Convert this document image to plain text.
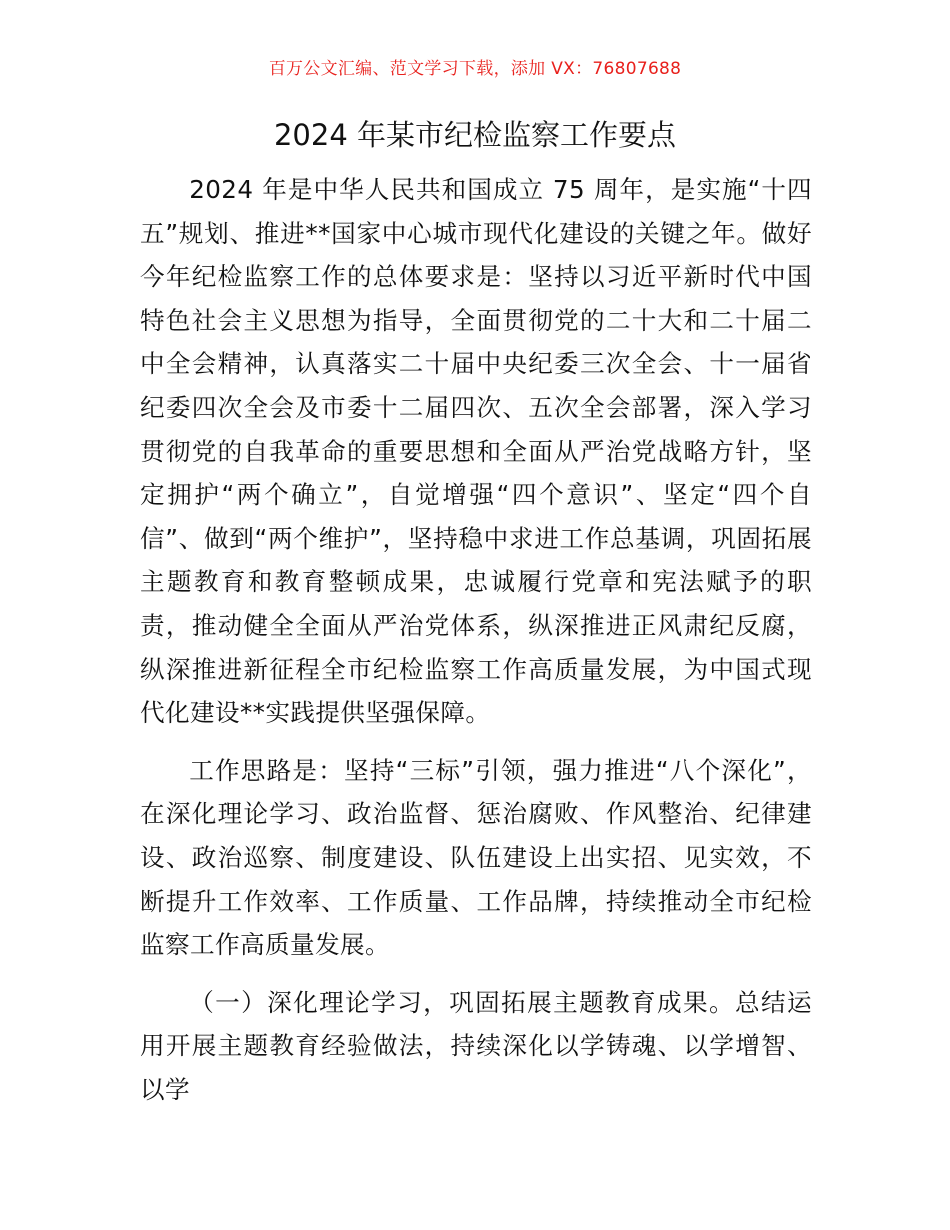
百万公文汇编、范文学习下载，添加 VX：76807688
2024 年某市纪检监察工作要点

2024 年是中华人民共和国成立 75 周年，是实施“十四五”规划、推进**国家中心城市现代化建设的关键之年。做好今年纪检监察工作的总体要求是：坚持以习近平新时代中国特色社会主义思想为指导，全面贯彻党的二十大和二十届二中全会精神，认真落实二十届中央纪委三次全会、十一届省纪委四次全会及市委十二届四次、五次全会部署，深入学习贯彻党的自我革命的重要思想和全面从严治党战略方针，坚定拥护“两个确立”，自觉增强“四个意识”、坚定“四个自信”、做到“两个维护”，坚持稳中求进工作总基调，巩固拓展主题教育和教育整顿成果，忠诚履行党章和宪法赋予的职责，推动健全全面从严治党体系，纵深推进正风肃纪反腐，纵深推进新征程全市纪检监察工作高质量发展，为中国式现代化建设**实践提供坚强保障。

工作思路是：坚持“三标”引领，强力推进“八个深化”，在深化理论学习、政治监督、惩治腐败、作风整治、纪律建设、政治巡察、制度建设、队伍建设上出实招、见实效，不断提升工作效率、工作质量、工作品牌，持续推动全市纪检监察工作高质量发展。

（一）深化理论学习，巩固拓展主题教育成果。总结运用开展主题教育经验做法，持续深化以学铸魂、以学增智、以学
